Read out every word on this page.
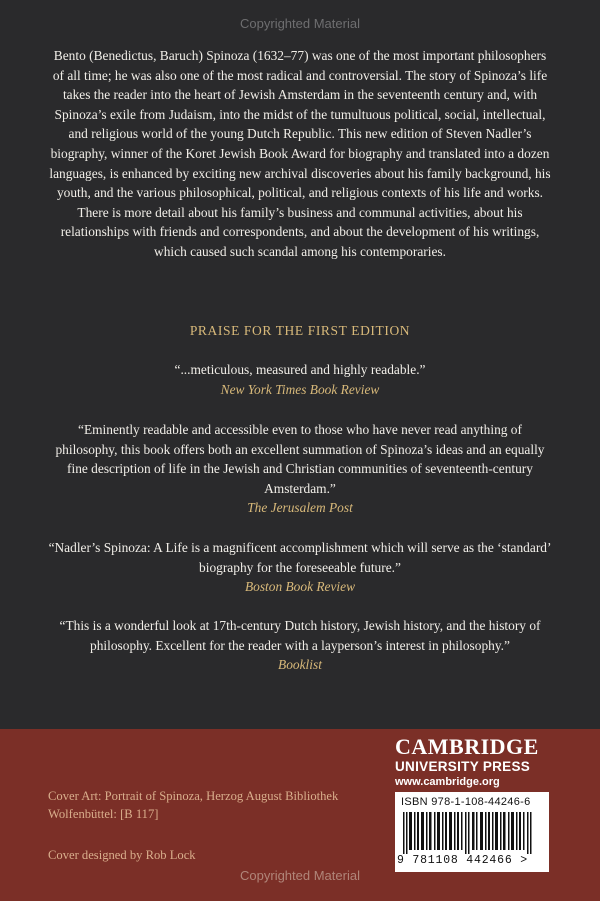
Copyrighted Material
Bento (Benedictus, Baruch) Spinoza (1632–77) was one of the most important philosophers of all time; he was also one of the most radical and controversial. The story of Spinoza’s life takes the reader into the heart of Jewish Amsterdam in the seventeenth century and, with Spinoza’s exile from Judaism, into the midst of the tumultuous political, social, intellectual, and religious world of the young Dutch Republic. This new edition of Steven Nadler’s biography, winner of the Koret Jewish Book Award for biography and translated into a dozen languages, is enhanced by exciting new archival discoveries about his family background, his youth, and the various philosophical, political, and religious contexts of his life and works. There is more detail about his family’s business and communal activities, about his relationships with friends and correspondents, and about the development of his writings, which caused such scandal among his contemporaries.
PRAISE FOR THE FIRST EDITION
“...meticulous, measured and highly readable.”
New York Times Book Review
“Eminently readable and accessible even to those who have never read anything of philosophy, this book offers both an excellent summation of Spinoza’s ideas and an equally fine description of life in the Jewish and Christian communities of seventeenth-century Amsterdam.”
The Jerusalem Post
“Nadler’s Spinoza: A Life is a magnificent accomplishment which will serve as the ‘standard’ biography for the foreseeable future.”
Boston Book Review
“This is a wonderful look at 17th-century Dutch history, Jewish history, and the history of philosophy. Excellent for the reader with a layperson’s interest in philosophy.”
Booklist
CAMBRIDGE
UNIVERSITY PRESS
www.cambridge.org
Cover Art: Portrait of Spinoza, Herzog August Bibliothek Wolfenbüttel: [B 117]
Cover designed by Rob Lock
ISBN 978-1-108-44246-6
9 781108 442466 >
Copyrighted Material
